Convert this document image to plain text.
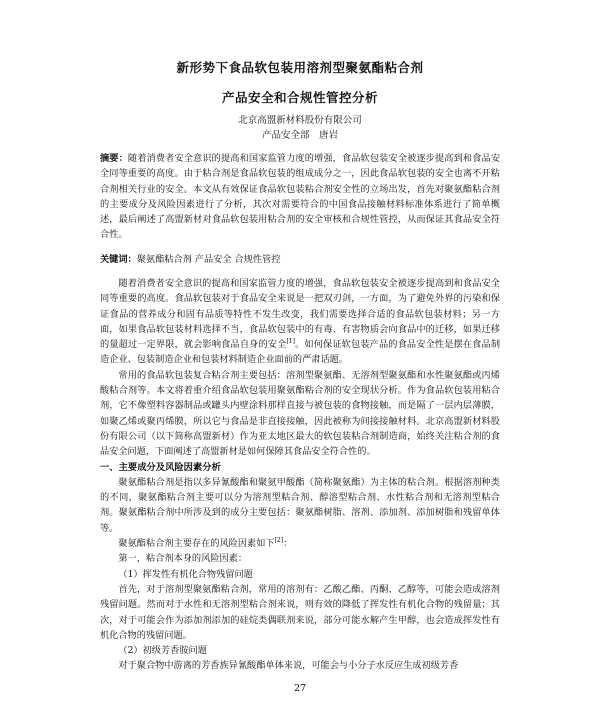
新形势下食品软包装用溶剂型聚氨酯粘合剂
产品安全和合规性管控分析
北京高盟新材料股份有限公司
产品安全部　唐岩

摘要：随着消费者安全意识的提高和国家监管力度的增强，食品软包装安全被逐步提高到和食品安全同等重要的高度。由于粘合剂是食品软包装的组成成分之一，因此食品软包装的安全也离不开粘合剂相关行业的安全。本文从有效保证食品软包装粘合剂安全性的立场出发，首先对聚氨酯粘合剂的主要成分及风险因素进行了分析，其次对需要符合的中国食品接触材料标准体系进行了简单概述，最后阐述了高盟新材对食品软包装用粘合剂的安全审核和合规性管控，从而保证其食品安全符合性。

关键词：聚氨酯粘合剂 产品安全 合规性管控

随着消费者安全意识的提高和国家监管力度的增强，食品软包装安全被逐步提高到和食品安全同等重要的高度。食品软包装对于食品安全来说是一把双刃剑，一方面，为了避免外界的污染和保证食品的营养成分和固有品质等特性不发生改变，我们需要选择合适的食品软包装材料；另一方面，如果食品软包装材料选择不当，食品软包装中的有毒、有害物质会向食品中的迁移，如果迁移的量超过一定界限，就会影响食品自身的安全[1]。如何保证软包装产品的食品安全性是摆在食品制造企业、包装制造企业和包装材料制造企业面前的严肃话题。

常用的食品软包装复合粘合剂主要包括：溶剂型聚氨酯、无溶剂型聚氨酯和水性聚氨酯或丙烯酸粘合剂等。本文将着重介绍食品软包装用聚氨酯粘合剂的安全现状分析。作为食品软包装用粘合剂，它不像塑料容器制品或罐头内壁涂料那样直接与被包装的食物接触，而是隔了一层内层薄膜，如聚乙烯或聚丙烯膜，所以它与食品是非直接接触，因此被称为间接接触材料。北京高盟新材料股份有限公司（以下简称高盟新材）作为亚太地区最大的软包装粘合剂制造商，始终关注粘合剂的食品安全问题，下面阐述了高盟新材是如何保障其食品安全符合性的。

一、主要成分及风险因素分析

聚氨酯粘合剂是指以多异氰酸酯和聚氨甲酸酯（简称聚氨酯）为主体的粘合剂。根据溶剂种类的不同，聚氨酯粘合剂主要可以分为溶剂型粘合剂、醇溶型粘合剂、水性粘合剂和无溶剂型粘合剂。聚氨酯粘合剂中所涉及到的成分主要包括：聚氨酯树脂、溶剂、添加剂、添加树脂和残留单体等。

聚氨酯粘合剂主要存在的风险因素如下[2]：

第一，粘合剂本身的风险因素：

（1）挥发性有机化合物残留问题

首先，对于溶剂型聚氨酯粘合剂，常用的溶剂有：乙酸乙酯、丙酮、乙醇等，可能会造成溶剂残留问题。然而对于水性和无溶剂型粘合剂来说，则有效的降低了挥发性有机化合物的残留量；其次，对于可能会作为添加剂添加的硅烷类偶联剂来说，部分可能水解产生甲醇，也会造成挥发性有机化合物的残留问题。

（2）初级芳香胺问题

对于聚合物中游离的芳香族异氰酸酯单体来说，可能会与小分子水反应生成初级芳香

27
